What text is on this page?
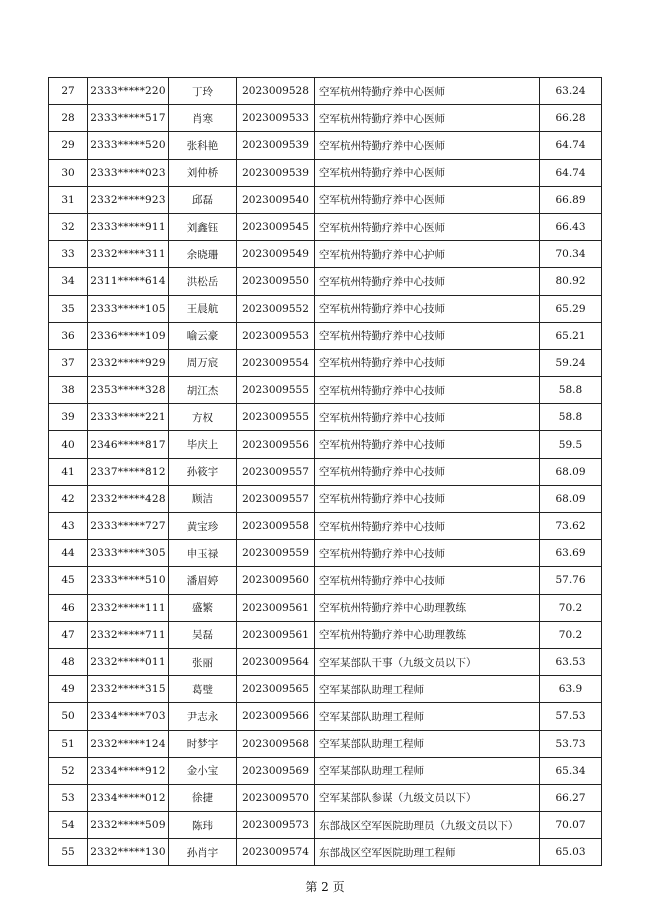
27	2333*****220	丁玲	2023009528	空军杭州特勤疗养中心医师	63.24
28	2333*****517	肖寒	2023009533	空军杭州特勤疗养中心医师	66.28
29	2333*****520	张科艳	2023009539	空军杭州特勤疗养中心医师	64.74
30	2333*****023	刘仲桥	2023009539	空军杭州特勤疗养中心医师	64.74
31	2332*****923	邱磊	2023009540	空军杭州特勤疗养中心医师	66.89
32	2333*****911	刘鑫钰	2023009545	空军杭州特勤疗养中心医师	66.43
33	2332*****311	余晓珊	2023009549	空军杭州特勤疗养中心护师	70.34
34	2311*****614	洪松岳	2023009550	空军杭州特勤疗养中心技师	80.92
35	2333*****105	王晨航	2023009552	空军杭州特勤疗养中心技师	65.29
36	2336*****109	喻云豪	2023009553	空军杭州特勤疗养中心技师	65.21
37	2332*****929	周万宸	2023009554	空军杭州特勤疗养中心技师	59.24
38	2353*****328	胡江杰	2023009555	空军杭州特勤疗养中心技师	58.8
39	2333*****221	方权	2023009555	空军杭州特勤疗养中心技师	58.8
40	2346*****817	毕庆上	2023009556	空军杭州特勤疗养中心技师	59.5
41	2337*****812	孙筱宇	2023009557	空军杭州特勤疗养中心技师	68.09
42	2332*****428	顾洁	2023009557	空军杭州特勤疗养中心技师	68.09
43	2333*****727	黄宝珍	2023009558	空军杭州特勤疗养中心技师	73.62
44	2333*****305	申玉禄	2023009559	空军杭州特勤疗养中心技师	63.69
45	2333*****510	潘眉婷	2023009560	空军杭州特勤疗养中心技师	57.76
46	2332*****111	盛繁	2023009561	空军杭州特勤疗养中心助理教练	70.2
47	2332*****711	吴磊	2023009561	空军杭州特勤疗养中心助理教练	70.2
48	2332*****011	张丽	2023009564	空军某部队干事（九级文员以下）	63.53
49	2332*****315	葛璧	2023009565	空军某部队助理工程师	63.9
50	2334*****703	尹志永	2023009566	空军某部队助理工程师	57.53
51	2332*****124	时梦宇	2023009568	空军某部队助理工程师	53.73
52	2334*****912	金小宝	2023009569	空军某部队助理工程师	65.34
53	2334*****012	徐捷	2023009570	空军某部队参谋（九级文员以下）	66.27
54	2332*****509	陈玮	2023009573	东部战区空军医院助理员（九级文员以下）	70.07
55	2332*****130	孙肖宇	2023009574	东部战区空军医院助理工程师	65.03
第 2 页
